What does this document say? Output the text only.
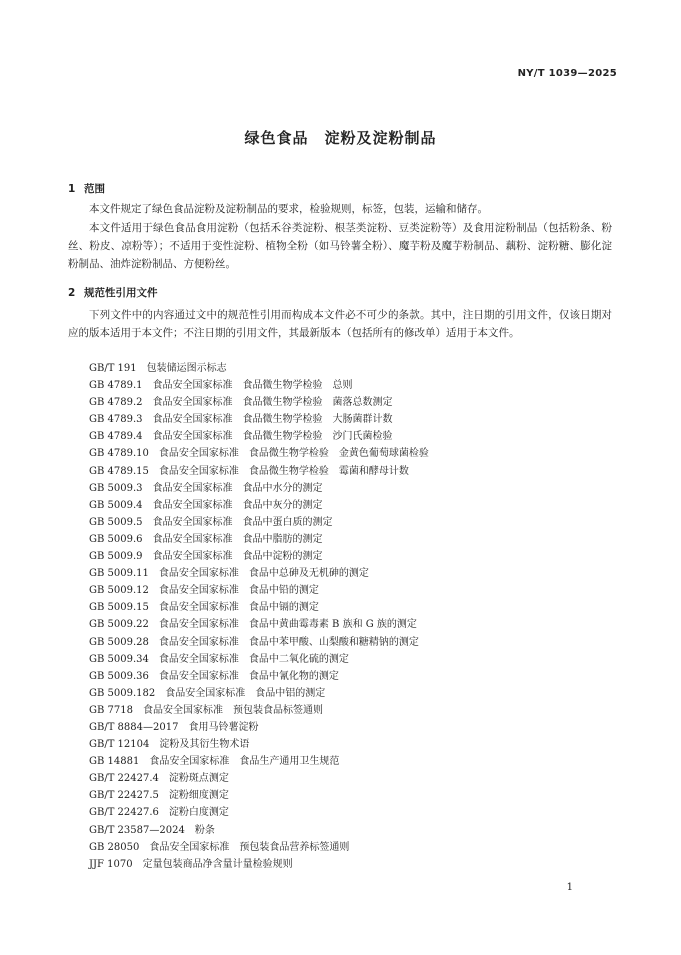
NY/T 1039—2025
绿色食品 淀粉及淀粉制品
1 范围

本文件规定了绿色食品淀粉及淀粉制品的要求，检验规则，标签，包装，运输和储存。

本文件适用于绿色食品食用淀粉（包括禾谷类淀粉、根茎类淀粉、豆类淀粉等）及食用淀粉制品（包括粉条、粉丝、粉皮、凉粉等）；不适用于变性淀粉、植物全粉（如马铃薯全粉）、魔芋粉及魔芋粉制品、藕粉、淀粉糖、膨化淀粉制品、油炸淀粉制品、方便粉丝。

2 规范性引用文件

下列文件中的内容通过文中的规范性引用而构成本文件必不可少的条款。其中，注日期的引用文件，仅该日期对应的版本适用于本文件；不注日期的引用文件，其最新版本（包括所有的修改单）适用于本文件。

GB/T 191 包装储运图示标志
GB 4789.1 食品安全国家标准　食品微生物学检验　总则
GB 4789.2 食品安全国家标准　食品微生物学检验　菌落总数测定
GB 4789.3 食品安全国家标准　食品微生物学检验　大肠菌群计数
GB 4789.4 食品安全国家标准　食品微生物学检验　沙门氏菌检验
GB 4789.10 食品安全国家标准　食品微生物学检验　金黄色葡萄球菌检验
GB 4789.15 食品安全国家标准　食品微生物学检验　霉菌和酵母计数
GB 5009.3 食品安全国家标准　食品中水分的测定
GB 5009.4 食品安全国家标准　食品中灰分的测定
GB 5009.5 食品安全国家标准　食品中蛋白质的测定
GB 5009.6 食品安全国家标准　食品中脂肪的测定
GB 5009.9 食品安全国家标准　食品中淀粉的测定
GB 5009.11 食品安全国家标准　食品中总砷及无机砷的测定
GB 5009.12 食品安全国家标准　食品中铅的测定
GB 5009.15 食品安全国家标准　食品中镉的测定
GB 5009.22 食品安全国家标准　食品中黄曲霉毒素 B 族和 G 族的测定
GB 5009.28 食品安全国家标准　食品中苯甲酸、山梨酸和糖精钠的测定
GB 5009.34 食品安全国家标准　食品中二氧化硫的测定
GB 5009.36 食品安全国家标准　食品中氰化物的测定
GB 5009.182 食品安全国家标准　食品中铝的测定
GB 7718 食品安全国家标准　预包装食品标签通则
GB/T 8884—2017 食用马铃薯淀粉
GB/T 12104 淀粉及其衍生物术语
GB 14881 食品安全国家标准　食品生产通用卫生规范
GB/T 22427.4 淀粉斑点测定
GB/T 22427.5 淀粉细度测定
GB/T 22427.6 淀粉白度测定
GB/T 23587—2024 粉条
GB 28050 食品安全国家标准　预包装食品营养标签通则
JJF 1070 定量包装商品净含量计量检验规则
1
